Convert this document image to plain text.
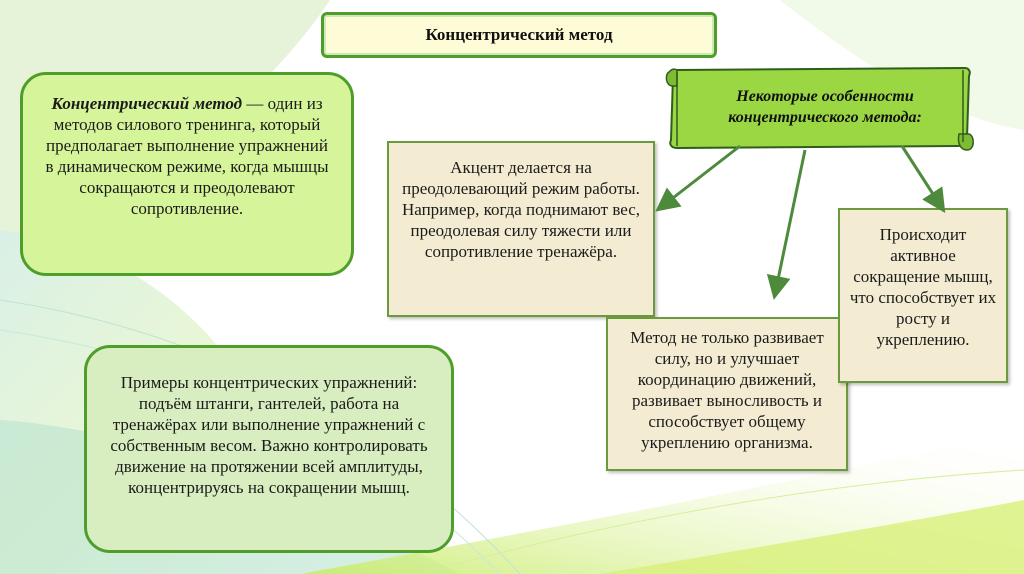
Концентрический метод
Концентрический метод — один из методов силового тренинга, который предполагает выполнение упражнений в динамическом режиме, когда мышцы сокращаются и преодолевают сопротивление.
Примеры концентрических упражнений: подъём штанги, гантелей, работа на тренажёрах или выполнение упражнений с собственным весом. Важно контролировать движение на протяжении всей амплитуды, концентрируясь на сокращении мышц.
Некоторые особенности концентрического метода:
Акцент делается на преодолевающий режим работы. Например, когда поднимают вес, преодолевая силу тяжести или сопротивление тренажёра.
Метод не только развивает силу, но и улучшает координацию движений, развивает выносливость и способствует общему укреплению организма.
Происходит активное сокращение мышц, что способствует их росту и укреплению.
